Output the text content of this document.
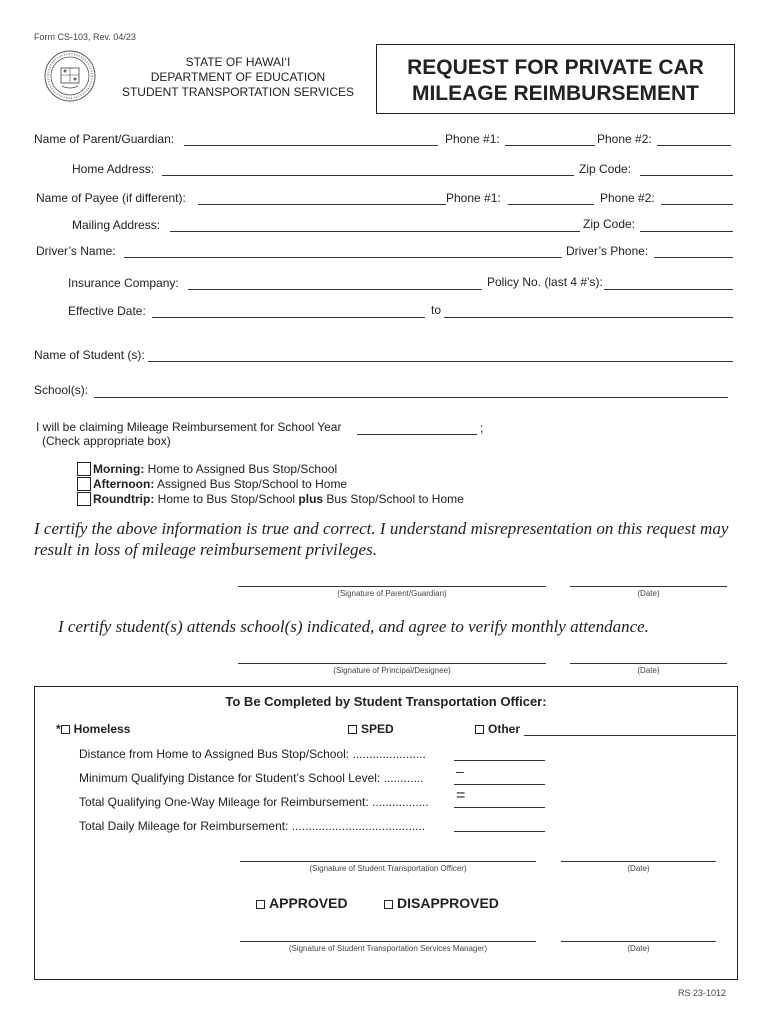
Form CS-103, Rev. 04/23
STATE OF HAWAI‘I
DEPARTMENT OF EDUCATION
STUDENT TRANSPORTATION SERVICES
REQUEST FOR PRIVATE CAR
MILEAGE REIMBURSEMENT
Name of Parent/Guardian:	Phone #1:	Phone #2:
Home Address:	Zip Code:
Name of Payee (if different):	Phone #1:	Phone #2:
Mailing Address:	Zip Code:
Driver’s Name:	Driver’s Phone:
Insurance Company:	Policy No. (last 4 #’s):
Effective Date:	to
Name of Student (s):
School(s):
I will be claiming Mileage Reimbursement for School Year	;
(Check appropriate box)
Morning: Home to Assigned Bus Stop/School
Afternoon: Assigned Bus Stop/School to Home
Roundtrip: Home to Bus Stop/School plus Bus Stop/School to Home
I certify the above information is true and correct. I understand misrepresentation on this request may
result in loss of mileage reimbursement privileges.
(Signature of Parent/Guardian)	(Date)
I certify student(s) attends school(s) indicated, and agree to verify monthly attendance.
(Signature of Principal/Designee)	(Date)
To Be Completed by Student Transportation Officer:
* Homeless	SPED	Other
Distance from Home to Assigned Bus Stop/School: ......................
Minimum Qualifying Distance for Student’s School Level: ............ –
Total Qualifying One-Way Mileage for Reimbursement: ................. =
Total Daily Mileage for Reimbursement: ........................................
(Signature of Student Transportation Officer)	(Date)
APPROVED	DISAPPROVED
(Signature of Student Transportation Services Manager)	(Date)
RS 23-1012
